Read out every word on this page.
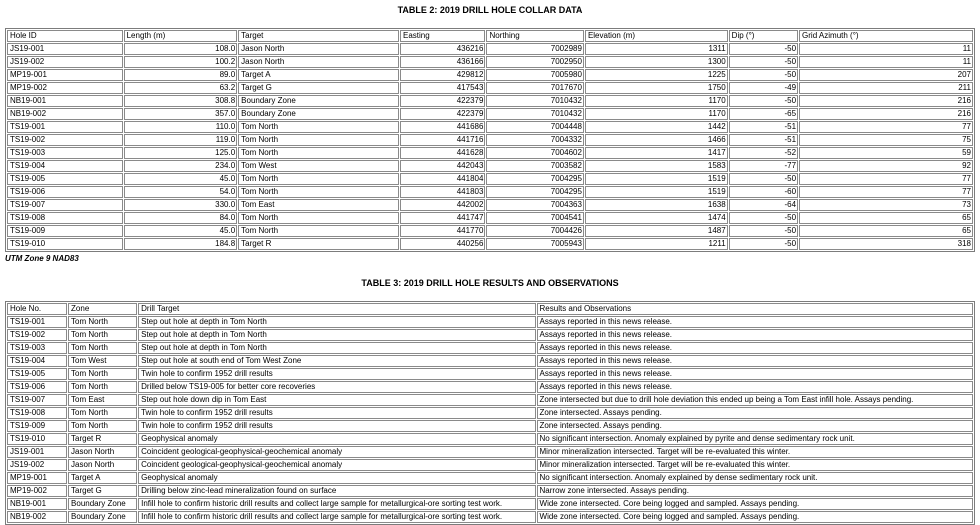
TABLE 2: 2019 DRILL HOLE COLLAR DATA

Hole ID	Length (m)	Target	Easting	Northing	Elevation (m)	Dip (°)	Grid Azimuth (°)
JS19-001	108.0	Jason North	436216	7002989	1311	-50	11
JS19-002	100.2	Jason North	436166	7002950	1300	-50	11
MP19-001	89.0	Target A	429812	7005980	1225	-50	207
MP19-002	63.2	Target G	417543	7017670	1750	-49	211
NB19-001	308.8	Boundary Zone	422379	7010432	1170	-50	216
NB19-002	357.0	Boundary Zone	422379	7010432	1170	-65	216
TS19-001	110.0	Tom North	441686	7004448	1442	-51	77
TS19-002	119.0	Tom North	441716	7004332	1466	-51	75
TS19-003	125.0	Tom North	441628	7004602	1417	-52	59
TS19-004	234.0	Tom West	442043	7003582	1583	-77	92
TS19-005	45.0	Tom North	441804	7004295	1519	-50	77
TS19-006	54.0	Tom North	441803	7004295	1519	-60	77
TS19-007	330.0	Tom East	442002	7004363	1638	-64	73
TS19-008	84.0	Tom North	441747	7004541	1474	-50	65
TS19-009	45.0	Tom North	441770	7004426	1487	-50	65
TS19-010	184.8	Target R	440256	7005943	1211	-50	318

UTM Zone 9 NAD83

TABLE 3: 2019 DRILL HOLE RESULTS AND OBSERVATIONS

Hole No.	Zone	Drill Target	Results and Observations
TS19-001	Tom North	Step out hole at depth in Tom North	Assays reported in this news release.
TS19-002	Tom North	Step out hole at depth in Tom North	Assays reported in this news release.
TS19-003	Tom North	Step out hole at depth in Tom North	Assays reported in this news release.
TS19-004	Tom West	Step out hole at south end of Tom West Zone	Assays reported in this news release.
TS19-005	Tom North	Twin hole to confirm 1952 drill results	Assays reported in this news release.
TS19-006	Tom North	Drilled below TS19-005 for better core recoveries	Assays reported in this news release.
TS19-007	Tom East	Step out hole down dip in Tom East	Zone intersected but due to drill hole deviation this ended up being a Tom East infill hole. Assays pending.
TS19-008	Tom North	Twin hole to confirm 1952 drill results	Zone intersected. Assays pending.
TS19-009	Tom North	Twin hole to confirm 1952 drill results	Zone intersected. Assays pending.
TS19-010	Target R	Geophysical anomaly	No significant intersection. Anomaly explained by pyrite and dense sedimentary rock unit.
JS19-001	Jason North	Coincident geological-geophysical-geochemical anomaly	Minor mineralization intersected. Target will be re-evaluated this winter.
JS19-002	Jason North	Coincident geological-geophysical-geochemical anomaly	Minor mineralization intersected. Target will be re-evaluated this winter.
MP19-001	Target A	Geophysical anomaly	No significant intersection. Anomaly explained by dense sedimentary rock unit.
MP19-002	Target G	Drilling below zinc-lead mineralization found on surface	Narrow zone intersected. Assays pending.
NB19-001	Boundary Zone	Infill hole to confirm historic drill results and collect large sample for metallurgical-ore sorting test work.	Wide zone intersected. Core being logged and sampled. Assays pending.
NB19-002	Boundary Zone	Infill hole to confirm historic drill results and collect large sample for metallurgical-ore sorting test work.	Wide zone intersected. Core being logged and sampled. Assays pending.
